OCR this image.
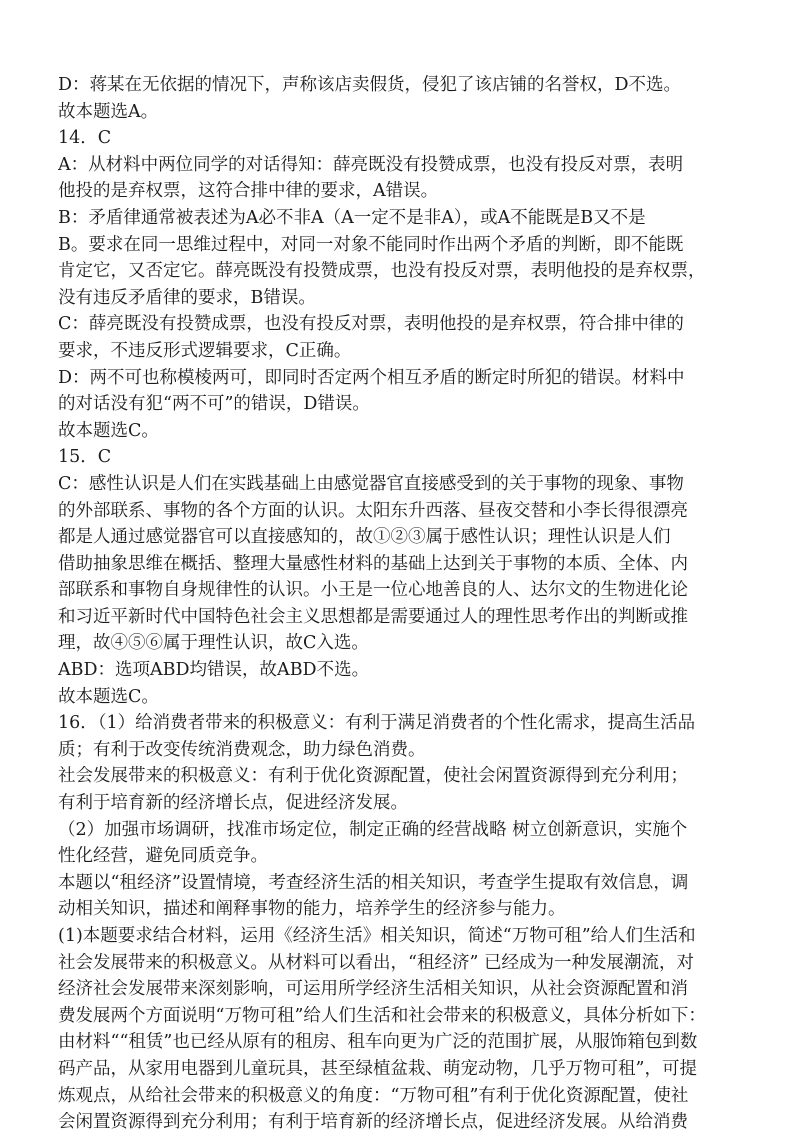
D：蒋某在无依据的情况下，声称该店卖假货，侵犯了该店铺的名誉权，D不选。
故本题选A。
14．C
A：从材料中两位同学的对话得知：薛亮既没有投赞成票，也没有投反对票，表明
他投的是弃权票，这符合排中律的要求，A错误。
B：矛盾律通常被表述为A必不非A（A一定不是非A），或A不能既是B又不是
B。要求在同一思维过程中，对同一对象不能同时作出两个矛盾的判断，即不能既
肯定它，又否定它。薛亮既没有投赞成票，也没有投反对票，表明他投的是弃权票，
没有违反矛盾律的要求，B错误。
C：薛亮既没有投赞成票，也没有投反对票，表明他投的是弃权票，符合排中律的
要求，不违反形式逻辑要求，C正确。
D：两不可也称模棱两可，即同时否定两个相互矛盾的断定时所犯的错误。材料中
的对话没有犯“两不可”的错误，D错误。
故本题选C。
15．C
C：感性认识是人们在实践基础上由感觉器官直接感受到的关于事物的现象、事物
的外部联系、事物的各个方面的认识。太阳东升西落、昼夜交替和小李长得很漂亮
都是人通过感觉器官可以直接感知的，故①②③属于感性认识；理性认识是人们
借助抽象思维在概括、整理大量感性材料的基础上达到关于事物的本质、全体、内
部联系和事物自身规律性的认识。小王是一位心地善良的人、达尔文的生物进化论
和习近平新时代中国特色社会主义思想都是需要通过人的理性思考作出的判断或推
理，故④⑤⑥属于理性认识，故C入选。
ABD：选项ABD均错误，故ABD不选。
故本题选C。
16．（1）给消费者带来的积极意义：有利于满足消费者的个性化需求，提高生活品
质；有利于改变传统消费观念，助力绿色消费。
社会发展带来的积极意义：有利于优化资源配置，使社会闲置资源得到充分利用；
有利于培育新的经济增长点，促进经济发展。
（2）加强市场调研，找准市场定位，制定正确的经营战略 树立创新意识，实施个
性化经营，避免同质竞争。
本题以“租经济”设置情境，考查经济生活的相关知识，考查学生提取有效信息，调
动相关知识，描述和阐释事物的能力，培养学生的经济参与能力。
(1)本题要求结合材料，运用《经济生活》相关知识，简述“万物可租”给人们生活和
社会发展带来的积极意义。从材料可以看出，“租经济” 已经成为一种发展潮流，对
经济社会发展带来深刻影响，可运用所学经济生活相关知识，从社会资源配置和消
费发展两个方面说明“万物可租”给人们生活和社会带来的积极意义，具体分析如下：
由材料““租赁”也已经从原有的租房、租车向更为广泛的范围扩展，从服饰箱包到数
码产品，从家用电器到儿童玩具，甚至绿植盆栽、萌宠动物，几乎万物可租”，可提
炼观点，从给社会带来的积极意义的角度：“万物可租”有利于优化资源配置，使社
会闲置资源得到充分利用；有利于培育新的经济增长点，促进经济发展。从给消费
